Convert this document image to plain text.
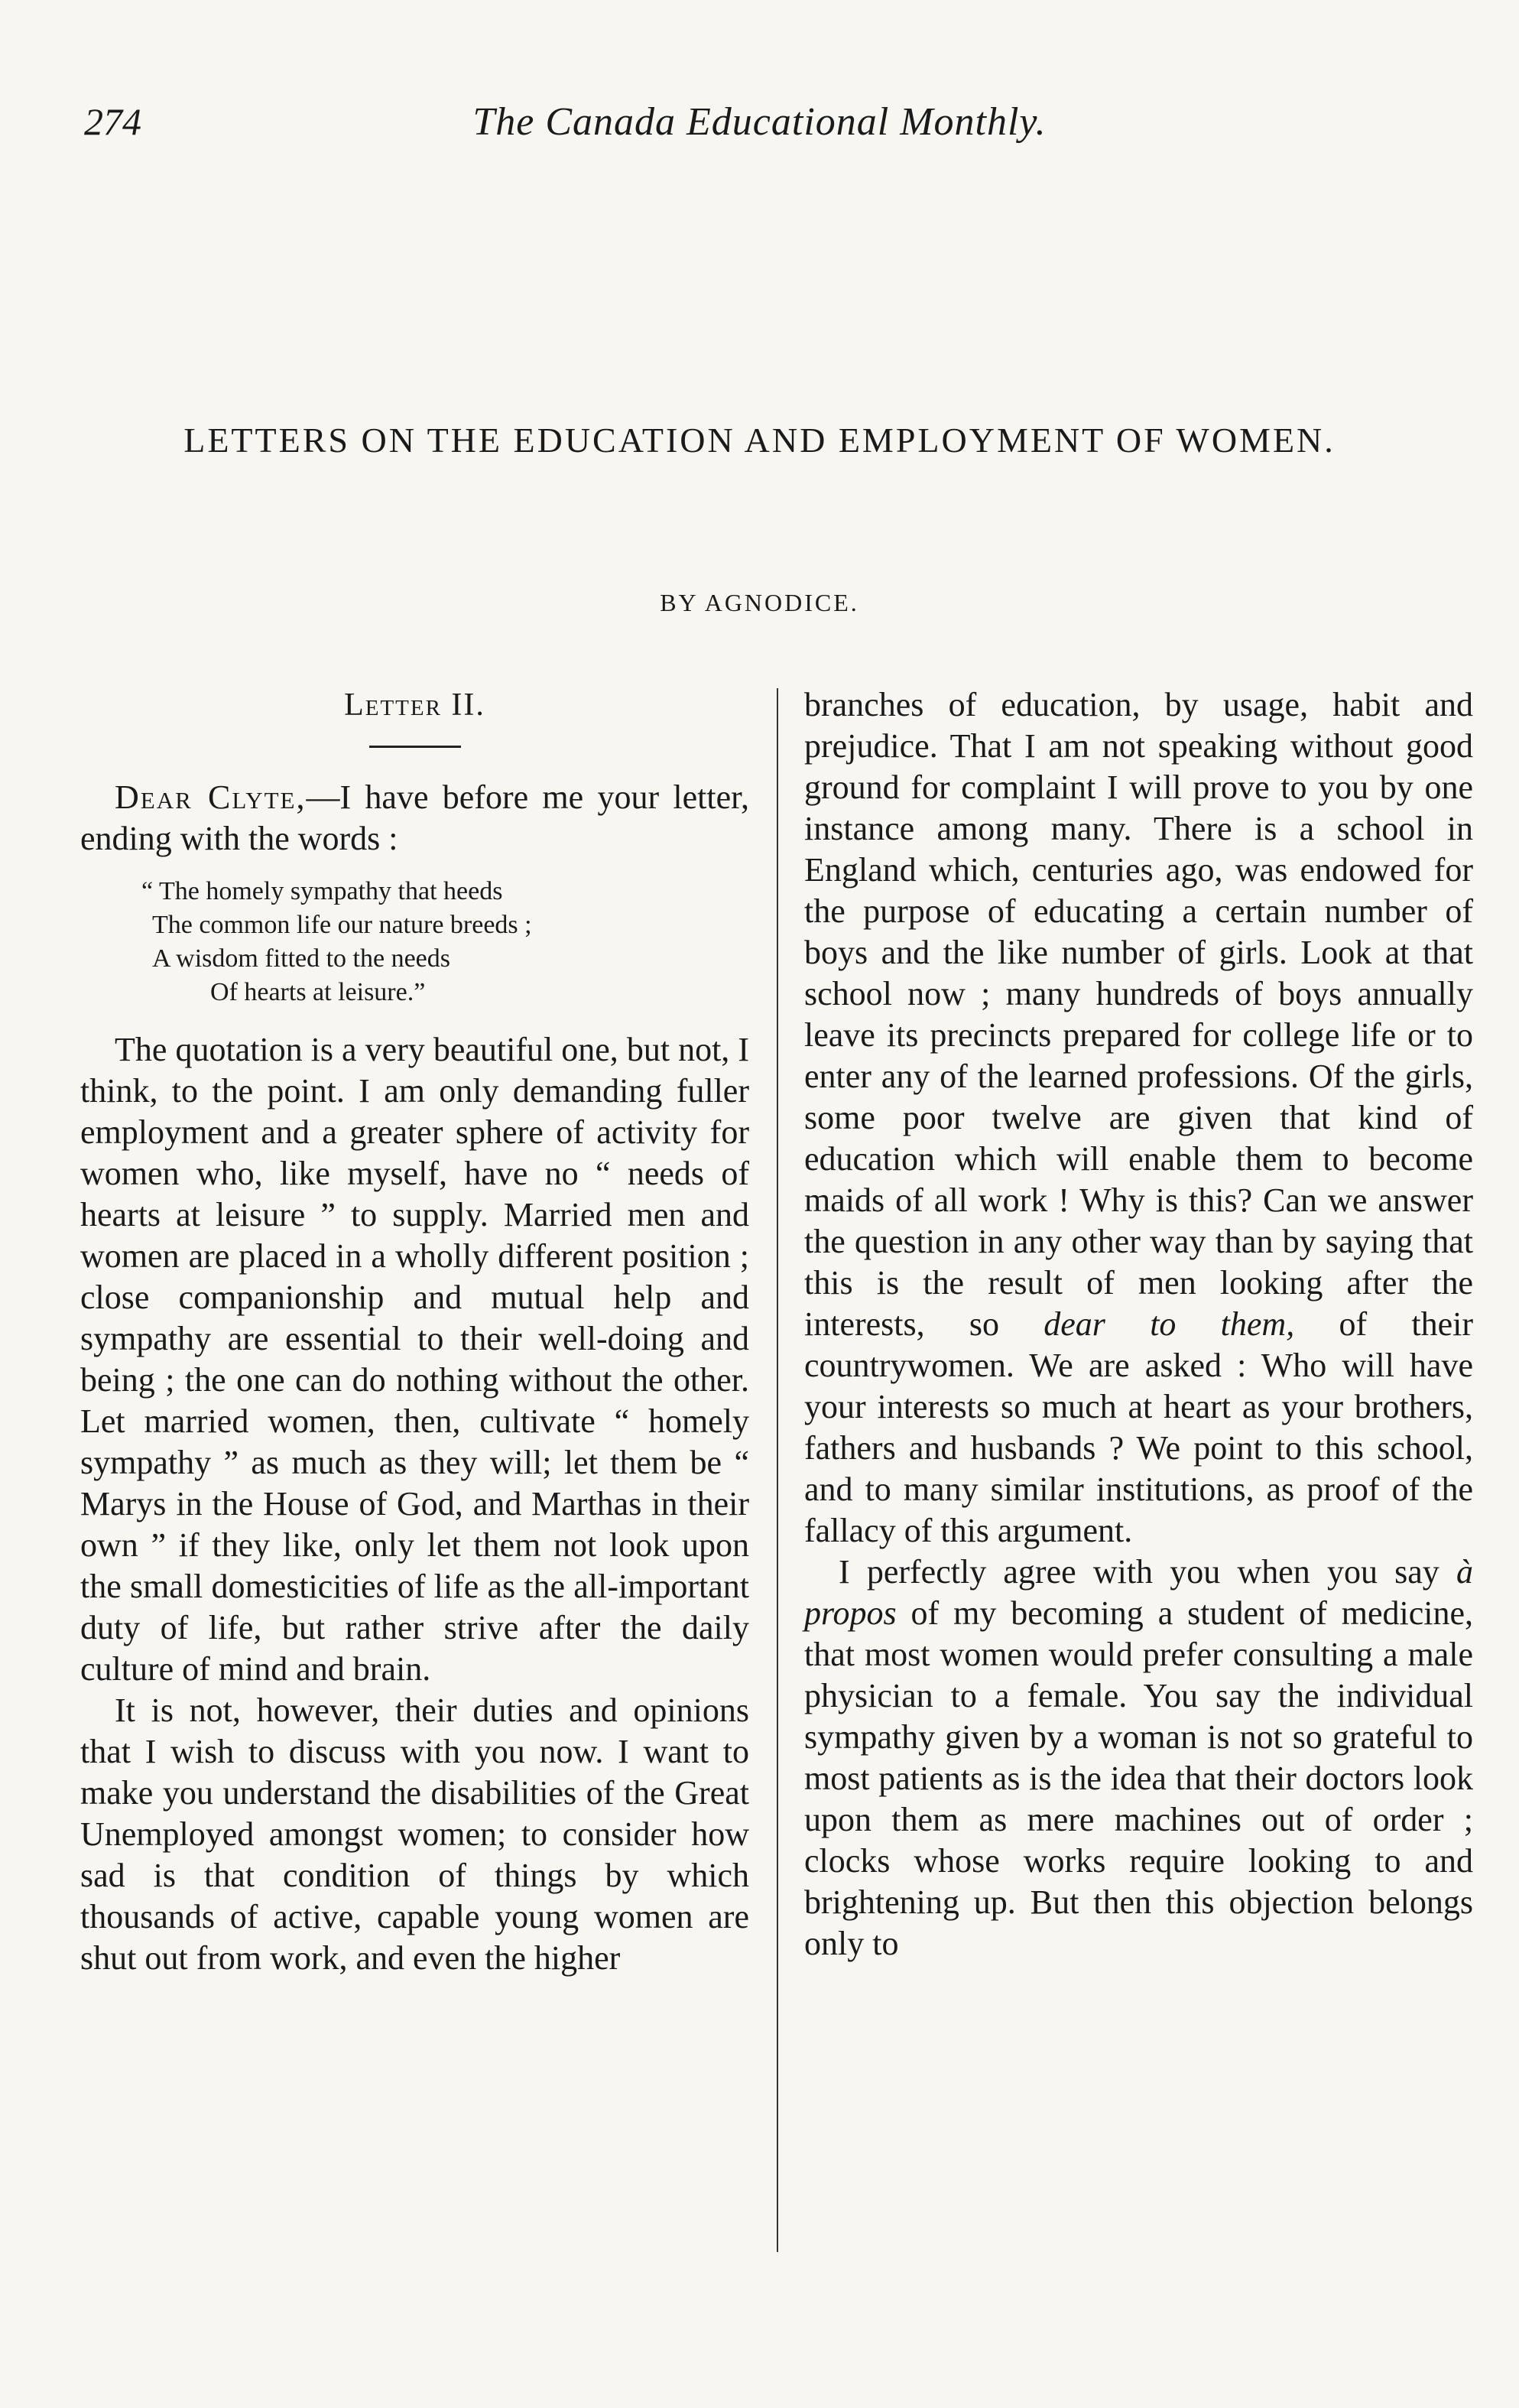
274	The Canada Educational Monthly.
LETTERS ON THE EDUCATION AND EMPLOYMENT OF WOMEN.
BY AGNODICE.
Letter II.

Dear Clyte,—I have before me your letter, ending with the words :

“ The homely sympathy that heeds
The common life our nature breeds ;
A wisdom fitted to the needs
Of hearts at leisure.”

The quotation is a very beautiful one, but not, I think, to the point. I am only demanding fuller employment and a greater sphere of activity for women who, like myself, have no “ needs of hearts at leisure ” to supply. Married men and women are placed in a wholly different position ; close companionship and mutual help and sympathy are essential to their well-doing and being ; the one can do nothing without the other. Let married women, then, cultivate “ homely sympathy ” as much as they will; let them be “ Marys in the House of God, and Marthas in their own ” if they like, only let them not look upon the small domesticities of life as the all-important duty of life, but rather strive after the daily culture of mind and brain.

It is not, however, their duties and opinions that I wish to discuss with you now. I want to make you understand the disabilities of the Great Unemployed amongst women; to consider how sad is that condition of things by which thousands of active, capable young women are shut out from work, and even the higher

branches of education, by usage, habit and prejudice. That I am not speaking without good ground for complaint I will prove to you by one instance among many. There is a school in England which, centuries ago, was endowed for the purpose of educating a certain number of boys and the like number of girls. Look at that school now ; many hundreds of boys annually leave its precincts prepared for college life or to enter any of the learned professions. Of the girls, some poor twelve are given that kind of education which will enable them to become maids of all work ! Why is this? Can we answer the question in any other way than by saying that this is the result of men looking after the interests, so dear to them, of their countrywomen. We are asked : Who will have your interests so much at heart as your brothers, fathers and husbands ? We point to this school, and to many similar institutions, as proof of the fallacy of this argument.

I perfectly agree with you when you say à propos of my becoming a student of medicine, that most women would prefer consulting a male physician to a female. You say the individual sympathy given by a woman is not so grateful to most patients as is the idea that their doctors look upon them as mere machines out of order ; clocks whose works require looking to and brightening up. But then this objection belongs only to
